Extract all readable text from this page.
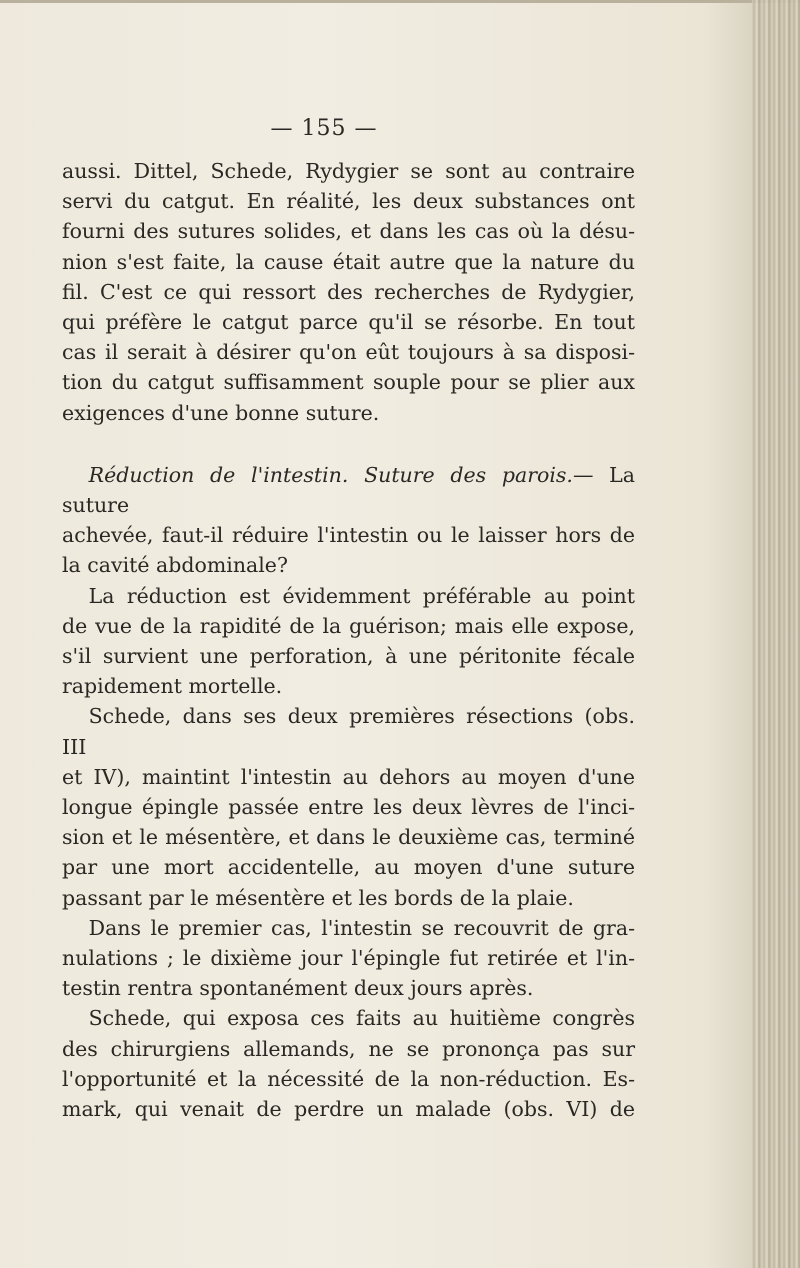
— 155 —

aussi. Dittel, Schede, Rydygier se sont au contraire

servi du catgut. En réalité, les deux substances ont

fourni des sutures solides, et dans les cas où la désu-

nion s'est faite, la cause était autre que la nature du

fil. C'est ce qui ressort des recherches de Rydygier,

qui préfère le catgut parce qu'il se résorbe. En tout

cas il serait à désirer qu'on eût toujours à sa disposi-

tion du catgut suffisamment souple pour se plier aux

exigences d'une bonne suture.

Réduction de l'intestin. Suture des parois.— La suture

achevée, faut-il réduire l'intestin ou le laisser hors de

la cavité abdominale?

La réduction est évidemment préférable au point

de vue de la rapidité de la guérison; mais elle expose,

s'il survient une perforation, à une péritonite fécale

rapidement mortelle.

Schede, dans ses deux premières résections (obs. III

et IV), maintint l'intestin au dehors au moyen d'une

longue épingle passée entre les deux lèvres de l'inci-

sion et le mésentère, et dans le deuxième cas, terminé

par une mort accidentelle, au moyen d'une suture

passant par le mésentère et les bords de la plaie.

Dans le premier cas, l'intestin se recouvrit de gra-

nulations ; le dixième jour l'épingle fut retirée et l'in-

testin rentra spontanément deux jours après.

Schede, qui exposa ces faits au huitième congrès

des chirurgiens allemands, ne se prononça pas sur

l'opportunité et la nécessité de la non-réduction. Es-

mark, qui venait de perdre un malade (obs. VI) de
